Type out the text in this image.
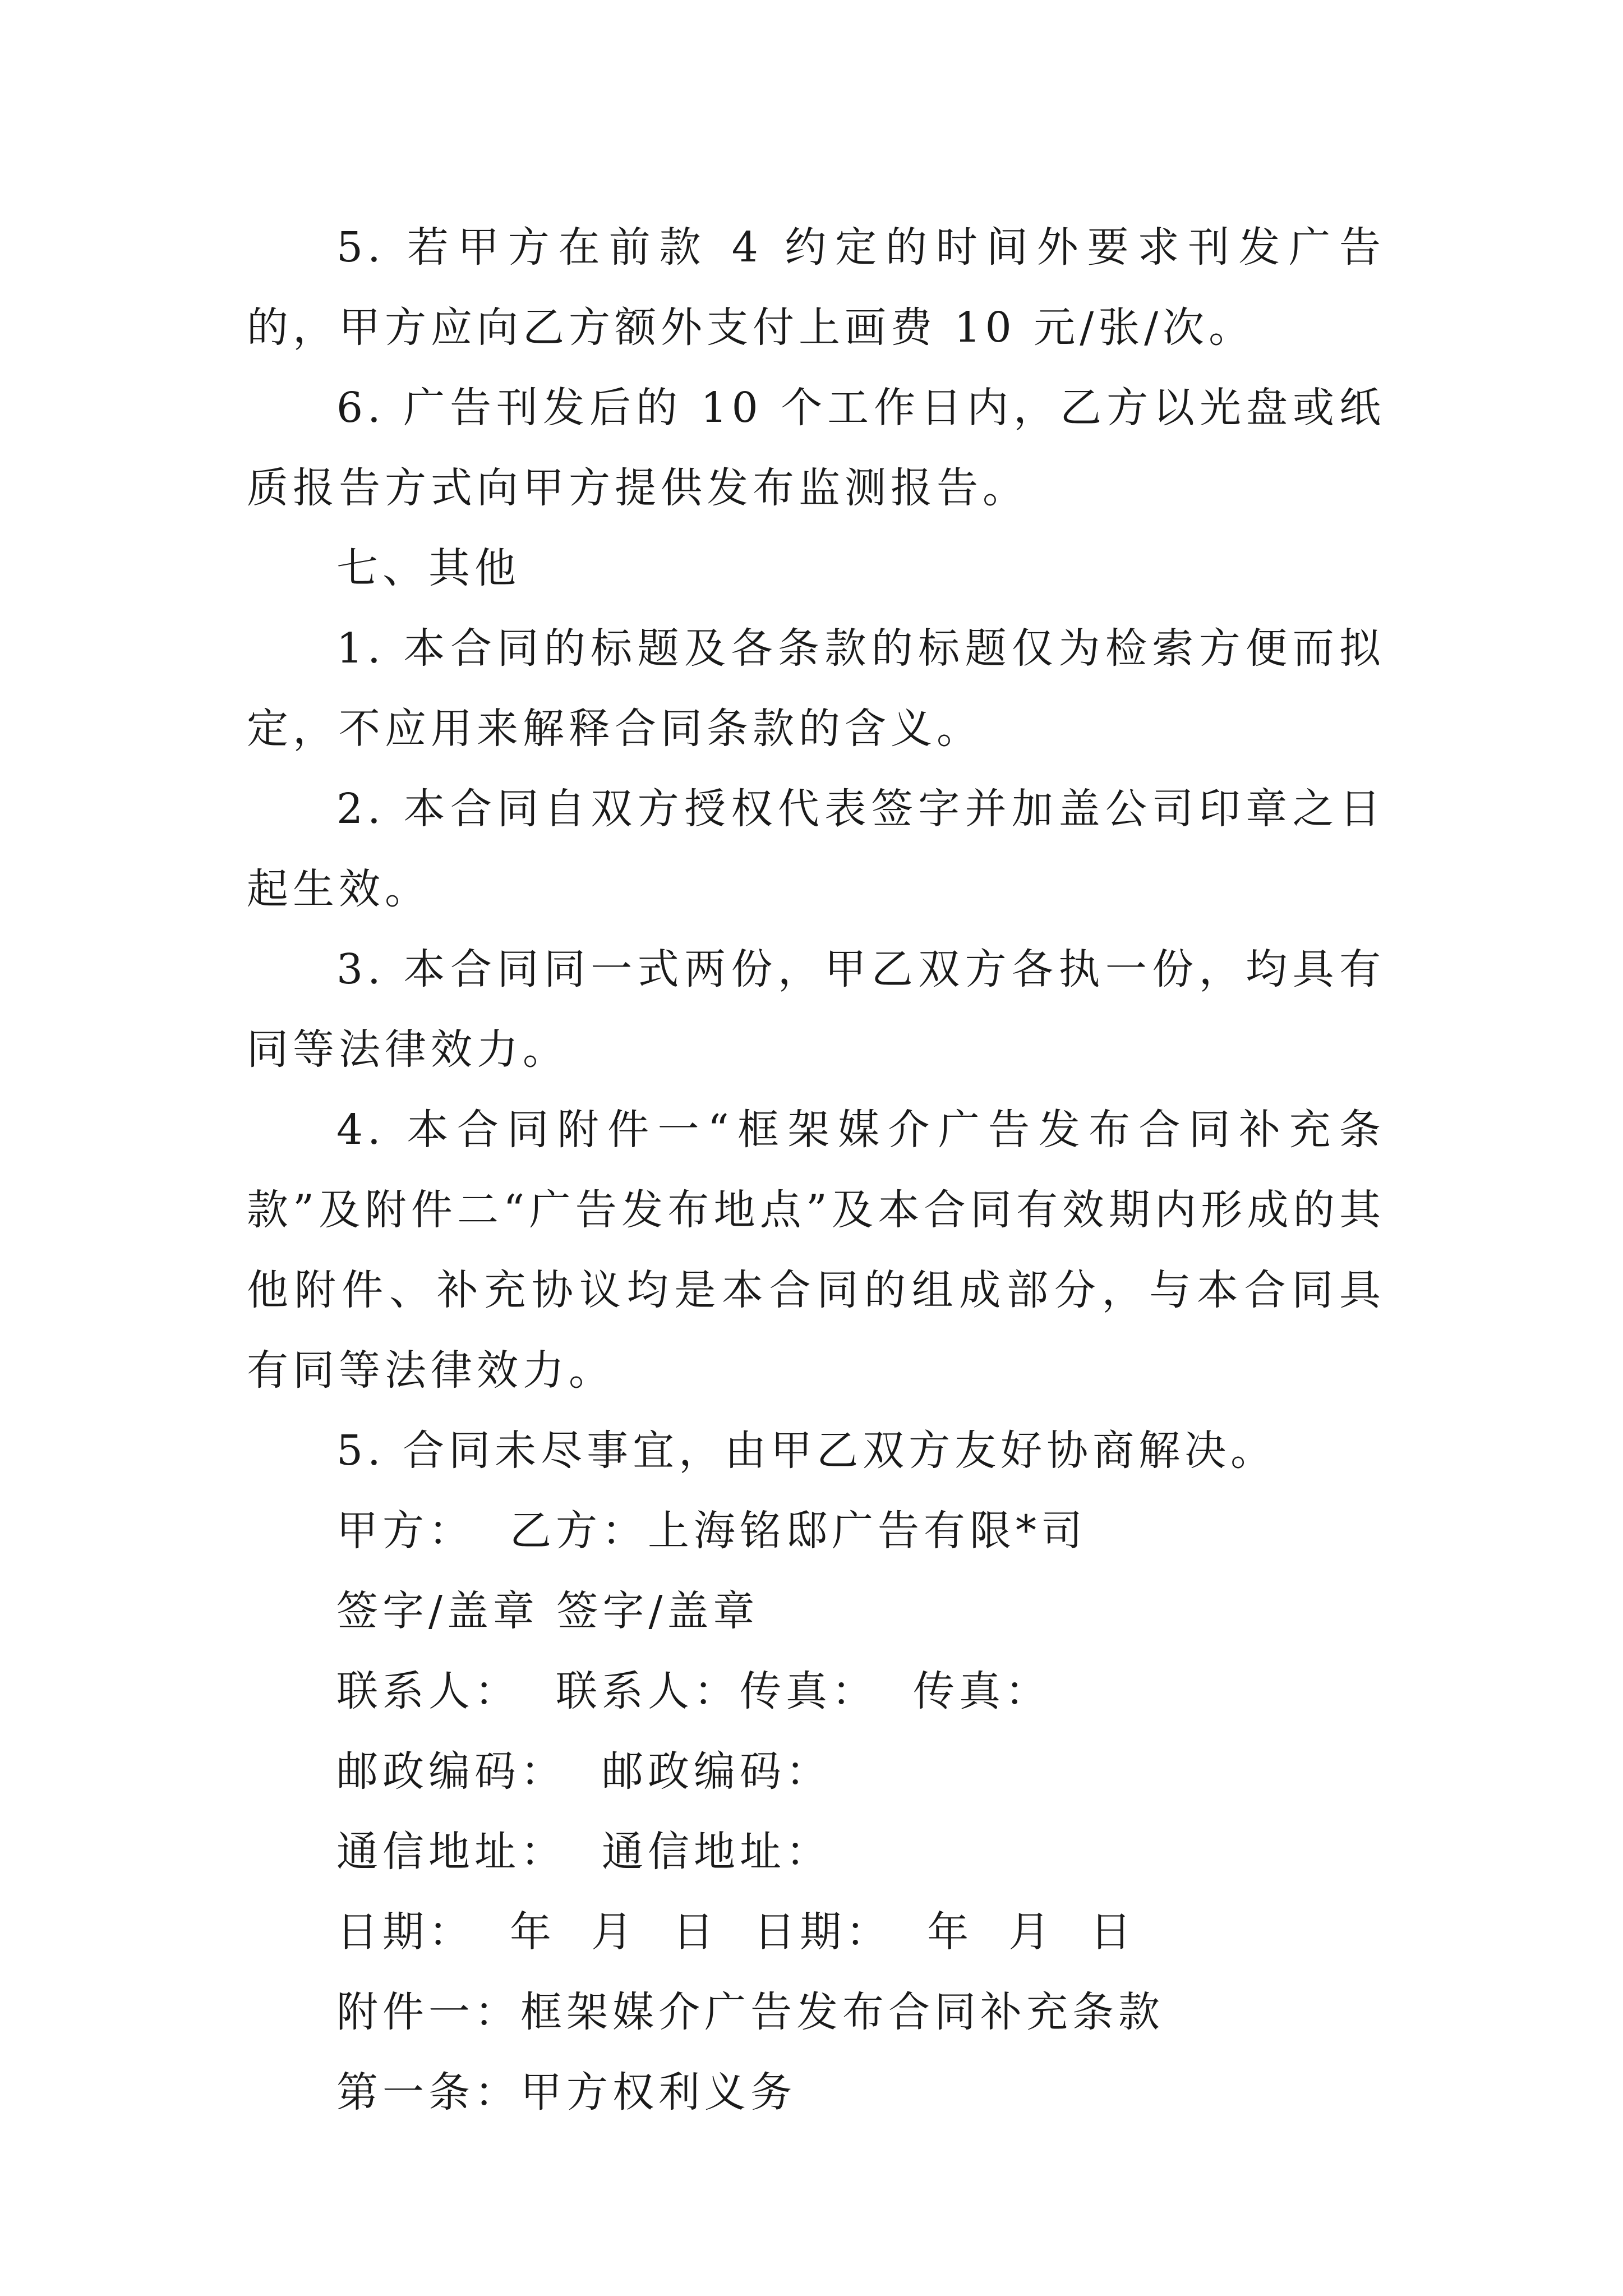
5. 若甲方在前款 4 约定的时间外要求刊发广告的，甲方应向乙方额外支付上画费 10 元/张/次。

6. 广告刊发后的 10 个工作日内，乙方以光盘或纸质报告方式向甲方提供发布监测报告。

七、其他

1. 本合同的标题及各条款的标题仅为检索方便而拟定，不应用来解释合同条款的含义。

2. 本合同自双方授权代表签字并加盖公司印章之日起生效。

3. 本合同同一式两份，甲乙双方各执一份，均具有同等法律效力。

4. 本合同附件一“框架媒介广告发布合同补充条款”及附件二“广告发布地点”及本合同有效期内形成的其他附件、补充协议均是本合同的组成部分，与本合同具有同等法律效力。

5. 合同未尽事宜，由甲乙双方友好协商解决。

甲方：  乙方：上海铭邸广告有限*司

签字/盖章 签字/盖章

联系人：  联系人：传真：  传真：

邮政编码：  邮政编码：

通信地址：  通信地址：

日期：  年  月  日  日期：  年  月  日

附件一：框架媒介广告发布合同补充条款

第一条：甲方权利义务
